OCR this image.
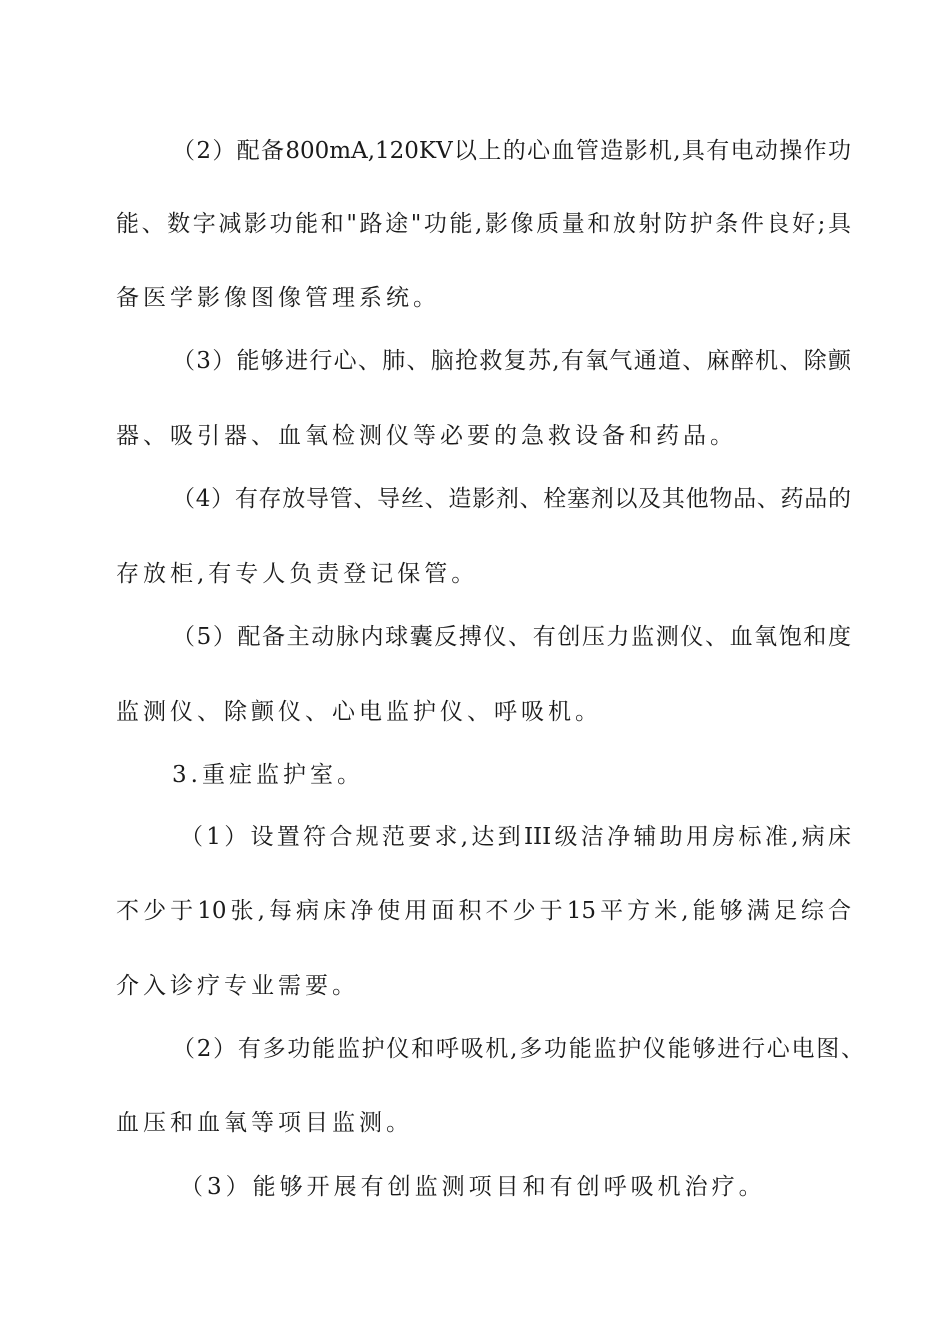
（2）配备800mA,120KV以上的心血管造影机,具有电动操作功
能、数字减影功能和"路途"功能,影像质量和放射防护条件良好;具
备医学影像图像管理系统。
（3）能够进行心、肺、脑抢救复苏,有氧气通道、麻醉机、除颤
器、吸引器、血氧检测仪等必要的急救设备和药品。
（4）有存放导管、导丝、造影剂、栓塞剂以及其他物品、药品的
存放柜,有专人负责登记保管。
（5）配备主动脉内球囊反搏仪、有创压力监测仪、血氧饱和度
监测仪、除颤仪、心电监护仪、呼吸机。
3.重症监护室。
（1）设置符合规范要求,达到III级洁净辅助用房标准,病床
不少于10张,每病床净使用面积不少于15平方米,能够满足综合
介入诊疗专业需要。
（2）有多功能监护仪和呼吸机,多功能监护仪能够进行心电图、
血压和血氧等项目监测。
（3）能够开展有创监测项目和有创呼吸机治疗。
